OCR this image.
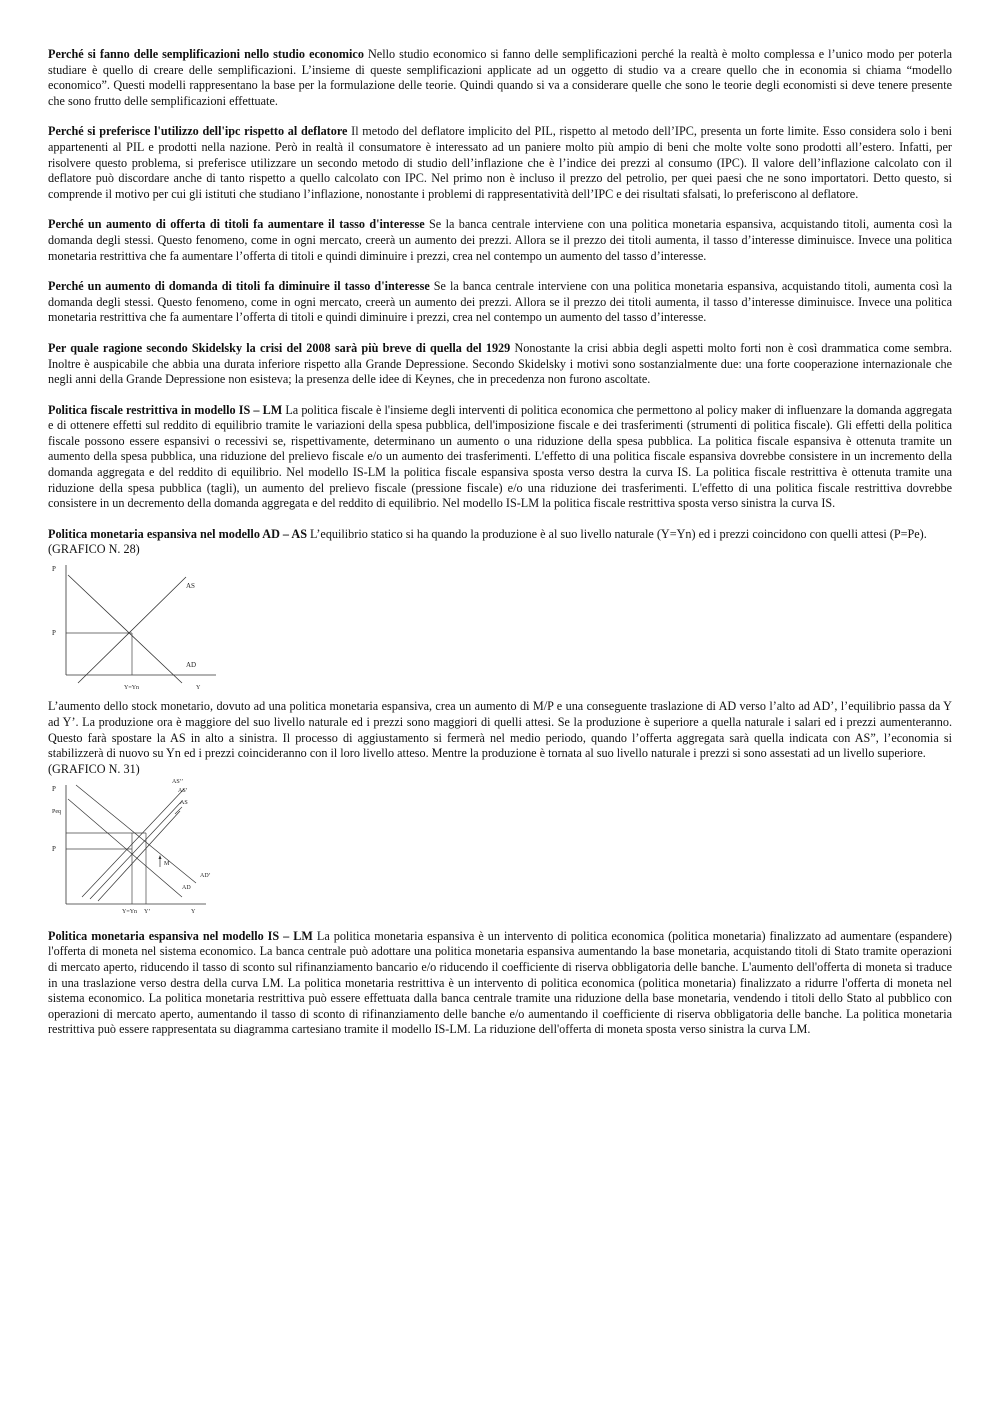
Perché si fanno delle semplificazioni nello studio economico Nello studio economico si fanno delle semplificazioni perché la realtà è molto complessa e l’unico modo per poterla studiare è quello di creare delle semplificazioni. L’insieme di queste semplificazioni applicate ad un oggetto di studio va a creare quello che in economia si chiama “modello economico”. Questi modelli rappresentano la base per la formulazione delle teorie. Quindi quando si va a considerare quelle che sono le teorie degli economisti si deve tenere presente che sono frutto delle semplificazioni effettuate.

Perché si preferisce l'utilizzo dell'ipc rispetto al deflatore Il metodo del deflatore implicito del PIL, rispetto al metodo dell’IPC, presenta un forte limite. Esso considera solo i beni appartenenti al PIL e prodotti nella nazione. Però in realtà il consumatore è interessato ad un paniere molto più ampio di beni che molte volte sono prodotti all’estero. Infatti, per risolvere questo problema, si preferisce utilizzare un secondo metodo di studio dell’inflazione che è l’indice dei prezzi al consumo (IPC). Il valore dell’inflazione calcolato con il deflatore può discordare anche di tanto rispetto a quello calcolato con IPC. Nel primo non è incluso il prezzo del petrolio, per quei paesi che ne sono importatori. Detto questo, si comprende il motivo per cui gli istituti che studiano l’inflazione, nonostante i problemi di rappresentatività dell’IPC e dei risultati sfalsati, lo preferiscono al deflatore.

Perché un aumento di offerta di titoli fa aumentare il tasso d'interesse Se la banca centrale interviene con una politica monetaria espansiva, acquistando titoli, aumenta così la domanda degli stessi. Questo fenomeno, come in ogni mercato, creerà un aumento dei prezzi. Allora se il prezzo dei titoli aumenta, il tasso d’interesse diminuisce. Invece una politica monetaria restrittiva che fa aumentare l’offerta di titoli e quindi diminuire i prezzi, crea nel contempo un aumento del tasso d’interesse.

Perché un aumento di domanda di titoli fa diminuire il tasso d'interesse Se la banca centrale interviene con una politica monetaria espansiva, acquistando titoli, aumenta così la domanda degli stessi. Questo fenomeno, come in ogni mercato, creerà un aumento dei prezzi. Allora se il prezzo dei titoli aumenta, il tasso d’interesse diminuisce. Invece una politica monetaria restrittiva che fa aumentare l’offerta di titoli e quindi diminuire i prezzi, crea nel contempo un aumento del tasso d’interesse.

Per quale ragione secondo Skidelsky la crisi del 2008 sarà più breve di quella del 1929 Nonostante la crisi abbia degli aspetti molto forti non è così drammatica come sembra. Inoltre è auspicabile che abbia una durata inferiore rispetto alla Grande Depressione. Secondo Skidelsky i motivi sono sostanzialmente due: una forte cooperazione internazionale che negli anni della Grande Depressione non esisteva; la presenza delle idee di Keynes, che in precedenza non furono ascoltate.

Politica fiscale restrittiva in modello IS – LM La politica fiscale è l'insieme degli interventi di politica economica che permettono al policy maker di influenzare la domanda aggregata e di ottenere effetti sul reddito di equilibrio tramite le variazioni della spesa pubblica, dell'imposizione fiscale e dei trasferimenti (strumenti di politica fiscale). Gli effetti della politica fiscale possono essere espansivi o recessivi se, rispettivamente, determinano un aumento o una riduzione della spesa pubblica. La politica fiscale espansiva è ottenuta tramite un aumento della spesa pubblica, una riduzione del prelievo fiscale e/o un aumento dei trasferimenti. L'effetto di una politica fiscale espansiva dovrebbe consistere in un incremento della domanda aggregata e del reddito di equilibrio. Nel modello IS-LM la politica fiscale espansiva sposta verso destra la curva IS. La politica fiscale restrittiva è ottenuta tramite una riduzione della spesa pubblica (tagli), un aumento del prelievo fiscale (pressione fiscale) e/o una riduzione dei trasferimenti. L'effetto di una politica fiscale restrittiva dovrebbe consistere in un decremento della domanda aggregata e del reddito di equilibrio. Nel modello IS-LM la politica fiscale restrittiva sposta verso sinistra la curva IS.

Politica monetaria espansiva nel modello AD – AS L’equilibrio statico si ha quando la produzione è al suo livello naturale (Y=Yn) ed i prezzi coincidono con quelli attesi (P=Pe).

(GRAFICO N. 28)

P
P
AS
AD
Y=Yn	Y

L’aumento dello stock monetario, dovuto ad una politica monetaria espansiva, crea un aumento di M/P e una conseguente traslazione di AD verso l’alto ad AD’, l’equilibrio passa da Y ad Y’. La produzione ora è maggiore del suo livello naturale ed i prezzi sono maggiori di quelli attesi. Se la produzione è superiore a quella naturale i salari ed i prezzi aumenteranno. Questo farà spostare la AS in alto a sinistra. Il processo di aggiustamento si fermerà nel medio periodo, quando l’offerta aggregata sarà quella indicata con AS”, l’economia si stabilizzerà di nuovo su Yn ed i prezzi coincideranno con il loro livello atteso. Mentre la produzione è tornata al suo livello naturale i prezzi si sono assestati ad un livello superiore.

(GRAFICO N. 31)

P
Peq
P
AS’’
AS’
AS
M
AD’
AD
Y=Yn Y’	Y

Politica monetaria espansiva nel modello IS – LM La politica monetaria espansiva è un intervento di politica economica (politica monetaria) finalizzato ad aumentare (espandere) l'offerta di moneta nel sistema economico. La banca centrale può adottare una politica monetaria espansiva aumentando la base monetaria, acquistando titoli di Stato tramite operazioni di mercato aperto, riducendo il tasso di sconto sul rifinanziamento bancario e/o riducendo il coefficiente di riserva obbligatoria delle banche. L'aumento dell'offerta di moneta si traduce in una traslazione verso destra della curva LM. La politica monetaria restrittiva è un intervento di politica economica (politica monetaria) finalizzato a ridurre l'offerta di moneta nel sistema economico. La politica monetaria restrittiva può essere effettuata dalla banca centrale tramite una riduzione della base monetaria, vendendo i titoli dello Stato al pubblico con operazioni di mercato aperto, aumentando il tasso di sconto di rifinanziamento delle banche e/o aumentando il coefficiente di riserva obbligatoria delle banche. La politica monetaria restrittiva può essere rappresentata su diagramma cartesiano tramite il modello IS-LM. La riduzione dell'offerta di moneta sposta verso sinistra la curva LM.
